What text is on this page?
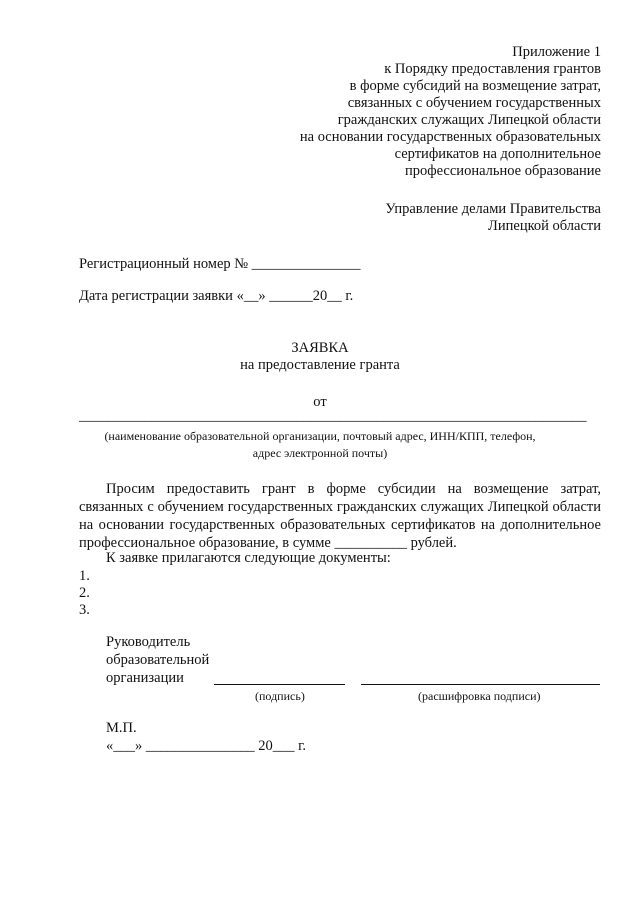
Приложение 1
к Порядку предоставления грантов
в форме субсидий на возмещение затрат,
связанных с обучением государственных
гражданских служащих Липецкой области
на основании государственных образовательных
сертификатов на дополнительное
профессиональное образование
Управление делами Правительства
Липецкой области
Регистрационный номер № _______________
Дата регистрации заявки «__» ______20__ г.
ЗАЯВКА
на предоставление гранта
от
______________________________________________________________________
(наименование образовательной организации, почтовый адрес, ИНН/КПП, телефон,
адрес электронной почты)
Просим предоставить грант в форме субсидии на возмещение затрат, связанных с обучением государственных гражданских служащих Липецкой области на основании государственных образовательных сертификатов на дополнительное профессиональное образование, в сумме __________ рублей.
К заявке прилагаются следующие документы:
1.
2.
3.
Руководитель
образовательной
организации
(подпись)	(расшифровка подписи)
М.П.
«___» _______________ 20___ г.
